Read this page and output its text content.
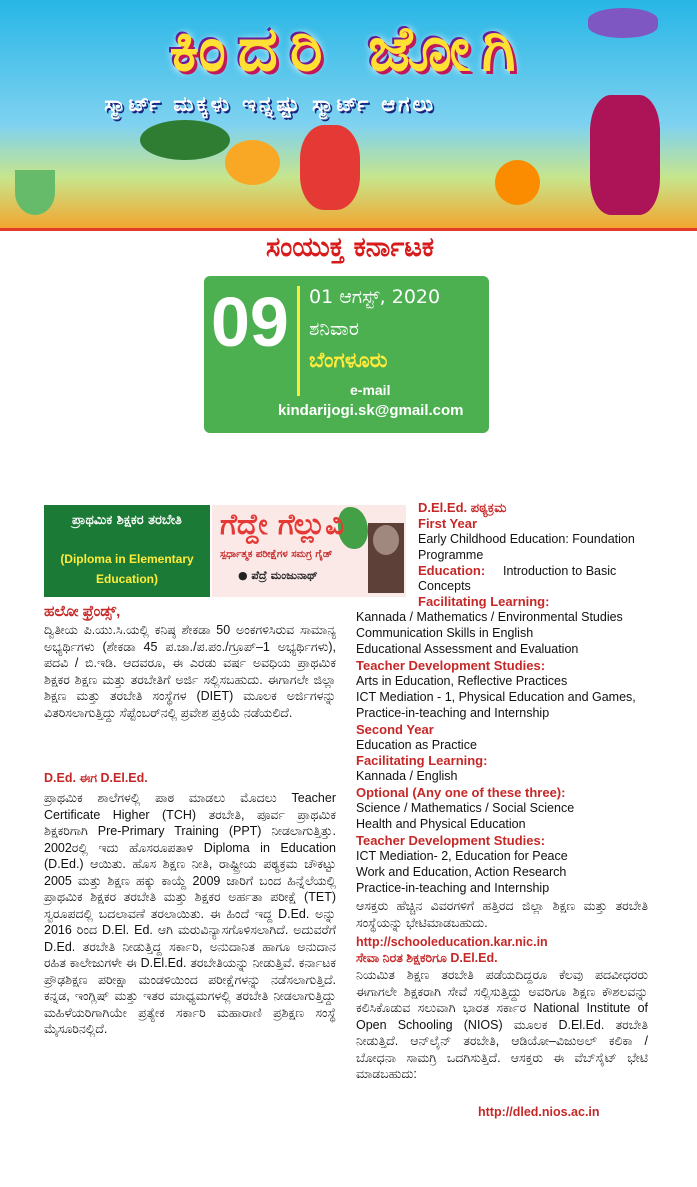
ಕಿಂದರಿ ಜೋಗಿ
ಸ್ಮಾರ್ಟ್ ಮಕ್ಕಳು ಇನ್ನಷ್ಟು ಸ್ಮಾರ್ಟ್ ಆಗಲು
ಸಂಯುಕ್ತ ಕರ್ನಾಟಕ
09 01 ಆಗಸ್ಟ್, 2020
ಶನಿವಾರ
ಬೆಂಗಳೂರು
e-mail
kindarijogi.sk@gmail.com
ಪ್ರಾಥಮಿಕ ಶಿಕ್ಷಕರ ತರಬೇತಿ
(Diploma in Elementary Education)
ಗೆದ್ದೇ ಗೆಲ್ಲುವಿ
ಸ್ಪರ್ಧಾತ್ಮಕ ಪರೀಕ್ಷೆಗಳ ಸಮಗ್ರ ಗೈಡ್
● ಪೆದ್ರೆ ಮಂಜುನಾಥ್
ಹಲೋ ಫ್ರೆಂಡ್ಸ್,
ದ್ವಿತೀಯ ಪಿ.ಯು.ಸಿ.ಯಲ್ಲಿ ಕನಿಷ್ಠ ಶೇಕಡಾ 50 ಅಂಕಗಳಿಸಿರುವ ಸಾಮಾನ್ಯ ಅಭ್ಯರ್ಥಿಗಳು (ಶೇಕಡಾ 45 ಪ.ಜಾ./ಪ.ಪಂ./ಗ್ರೂಪ್–1 ಅಭ್ಯರ್ಥಿಗಳು), ಪದವಿ / ಬಿ.ಇಡಿ. ಆದವರೂ, ಈ ಎರಡು ವರ್ಷ ಅವಧಿಯ ಪ್ರಾಥಮಿಕ ಶಿಕ್ಷಕರ ಶಿಕ್ಷಣ ಮತ್ತು ತರಬೇತಿಗೆ ಅರ್ಜಿ ಸಲ್ಲಿಸಬಹುದು. ಈಗಾಗಲೇ ಜಿಲ್ಲಾ ಶಿಕ್ಷಣ ಮತ್ತು ತರಬೇತಿ ಸಂಸ್ಥೆಗಳ (DIET) ಮೂಲಕ ಅರ್ಜಿಗಳನ್ನು ವಿತರಿಸಲಾಗುತ್ತಿದ್ದು ಸೆಪ್ಟೆಂಬರ್‌ನಲ್ಲಿ ಪ್ರವೇಶ ಪ್ರಕ್ರಿಯೆ ನಡೆಯಲಿದೆ.
D.Ed. ಈಗ D.El.Ed.
ಪ್ರಾಥಮಿಕ ಶಾಲೆಗಳಲ್ಲಿ ಪಾಠ ಮಾಡಲು ಮೊದಲು Teacher Certificate Higher (TCH) ತರಬೇತಿ, ಪೂರ್ವ ಪ್ರಾಥಮಿಕ ಶಿಕ್ಷಕರಿಗಾಗಿ Pre-Primary Training (PPT) ನೀಡಲಾಗುತ್ತಿತ್ತು. 2002ರಲ್ಲಿ ಇದು ಹೊಸರೂಪತಾಳಿ Diploma in Education (D.Ed.) ಆಯಿತು. ಹೊಸ ಶಿಕ್ಷಣ ನೀತಿ, ರಾಷ್ಟ್ರೀಯ ಪಠ್ಯಕ್ರಮ ಚೌಕಟ್ಟು 2005 ಮತ್ತು ಶಿಕ್ಷಣ ಹಕ್ಕು ಕಾಯ್ದೆ 2009 ಜಾರಿಗೆ ಬಂದ ಹಿನ್ನೆಲೆಯಲ್ಲಿ ಪ್ರಾಥಮಿಕ ಶಿಕ್ಷಕರ ತರಬೇತಿ ಮತ್ತು ಶಿಕ್ಷಕರ ಅರ್ಹತಾ ಪರೀಕ್ಷೆ (TET) ಸ್ವರೂಪದಲ್ಲಿ ಬದಲಾವಣೆ ತರಲಾಯಿತು. ಈ ಹಿಂದೆ ಇದ್ದ D.Ed. ಅನ್ನು 2016 ರಿಂದ D.El. Ed. ಆಗಿ ಮರುವಿನ್ಯಾಸಗೊಳಿಸಲಾಗಿದೆ. ಅದುವರೆಗೆ D.Ed. ತರಬೇತಿ ನೀಡುತ್ತಿದ್ದ ಸರ್ಕಾರಿ, ಅನುದಾನಿತ ಹಾಗೂ ಅನುದಾನ ರಹಿತ ಕಾಲೇಜುಗಳೇ ಈ D.El.Ed. ತರಬೇತಿಯನ್ನು ನೀಡುತ್ತಿವೆ. ಕರ್ನಾಟಕ ಪ್ರೌಢಶಿಕ್ಷಣ ಪರೀಕ್ಷಾ ಮಂಡಳಿಯಿಂದ ಪರೀಕ್ಷೆಗಳನ್ನು ನಡೆಸಲಾಗುತ್ತಿದೆ. ಕನ್ನಡ, ಇಂಗ್ಲಿಷ್ ಮತ್ತು ಇತರ ಮಾಧ್ಯಮಗಳಲ್ಲಿ ತರಬೇತಿ ನೀಡಲಾಗುತ್ತಿದ್ದು ಮಹಿಳೆಯರಿಗಾಗಿಯೇ ಪ್ರತ್ಯೇಕ ಸರ್ಕಾರಿ ಮಹಾರಾಣಿ ಪ್ರಶಿಕ್ಷಣ ಸಂಸ್ಥೆ ಮೈಸೂರಿನಲ್ಲಿದೆ.
D.El.Ed. ಪಠ್ಯಕ್ರಮ
First Year
Early Childhood Education: Foundation
Programme
Education: Introduction to Basic
Concepts
Facilitating Learning:
Kannada / Mathematics / Environmental Studies
Communication Skills in English
Educational Assessment and Evaluation
Teacher Development Studies:
Arts in Education, Reflective Practices
ICT Mediation - 1, Physical Education and Games,
Practice-in-teaching and Internship
Second Year
Education as Practice
Facilitating Learning:
Kannada / English
Optional (Any one of these three):
Science / Mathematics / Social Science
Health and Physical Education
Teacher Development Studies:
ICT Mediation- 2, Education for Peace
Work and Education, Action Research
Practice-in-teaching and Internship
ಆಸಕ್ತರು ಹೆಚ್ಚಿನ ವಿವರಗಳಿಗೆ ಹತ್ತಿರದ ಜಿಲ್ಲಾ ಶಿಕ್ಷಣ ಮತ್ತು ತರಬೇತಿ ಸಂಸ್ಥೆಯನ್ನು ಭೇಟಿಮಾಡಬಹುದು.
http://schooleducation.kar.nic.in
ಸೇವಾ ನಿರತ ಶಿಕ್ಷಕರಿಗೂ D.El.Ed.
ನಿಯಮಿತ ಶಿಕ್ಷಣ ತರಬೇತಿ ಪಡೆಯದಿದ್ದರೂ ಕೆಲವು ಪದವೀಧರರು ಈಗಾಗಲೇ ಶಿಕ್ಷಕರಾಗಿ ಸೇವೆ ಸಲ್ಲಿಸುತ್ತಿದ್ದು ಅವರಿಗೂ ಶಿಕ್ಷಣ ಕೌಶಲವನ್ನು ಕಲಿಸಿಕೊಡುವ ಸಲುವಾಗಿ ಭಾರತ ಸರ್ಕಾರ National Institute of Open Schooling (NIOS) ಮೂಲಕ D.El.Ed. ತರಬೇತಿ ನೀಡುತ್ತಿದೆ. ಆನ್‌ಲೈನ್ ತರಬೇತಿ, ಆಡಿಯೋ–ವಿಜುಅಲ್ ಕಲಿಕಾ / ಬೋಧನಾ ಸಾಮಗ್ರಿ ಒದಗಿಸುತ್ತಿದೆ. ಆಸಕ್ತರು ಈ ವೆಬ್‌ಸೈಟ್ ಭೇಟಿ ಮಾಡಬಹುದು:
http://dled.nios.ac.in
